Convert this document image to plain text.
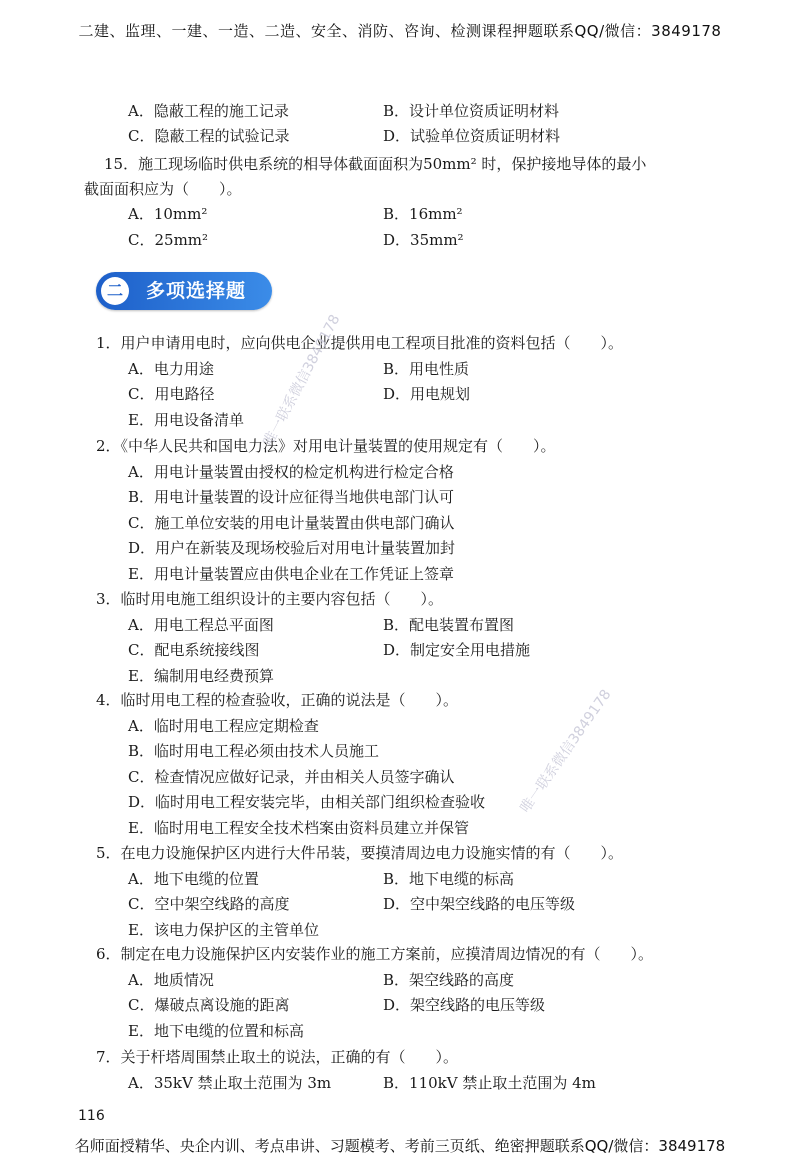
二建、监理、一建、一造、二造、安全、消防、咨询、检测课程押题联系QQ/微信：3849178
A．隐蔽工程的施工记录	B．设计单位资质证明材料
C．隐蔽工程的试验记录	D．试验单位资质证明材料
15．施工现场临时供电系统的相导体截面面积为50mm² 时，保护接地导体的最小
截面面积应为（　　）。
A．10mm²	B．16mm²
C．25mm²	D．35mm²
二	多项选择题
1．用户申请用电时，应向供电企业提供用电工程项目批准的资料包括（　　）。
A．电力用途	B．用电性质
C．用电路径	D．用电规划
E．用电设备清单
2．《中华人民共和国电力法》对用电计量装置的使用规定有（　　）。
A．用电计量装置由授权的检定机构进行检定合格
B．用电计量装置的设计应征得当地供电部门认可
C．施工单位安装的用电计量装置由供电部门确认
D．用户在新装及现场校验后对用电计量装置加封
E．用电计量装置应由供电企业在工作凭证上签章
3．临时用电施工组织设计的主要内容包括（　　）。
A．用电工程总平面图	B．配电装置布置图
C．配电系统接线图	D．制定安全用电措施
E．编制用电经费预算
4．临时用电工程的检查验收，正确的说法是（　　）。
A．临时用电工程应定期检查
B．临时用电工程必须由技术人员施工
C．检查情况应做好记录，并由相关人员签字确认
D．临时用电工程安装完毕，由相关部门组织检查验收
E．临时用电工程安全技术档案由资料员建立并保管
5．在电力设施保护区内进行大件吊装，要摸清周边电力设施实情的有（　　）。
A．地下电缆的位置	B．地下电缆的标高
C．空中架空线路的高度	D．空中架空线路的电压等级
E．该电力保护区的主管单位
6．制定在电力设施保护区内安装作业的施工方案前，应摸清周边情况的有（　　）。
A．地质情况	B．架空线路的高度
C．爆破点离设施的距离	D．架空线路的电压等级
E．地下电缆的位置和标高
7．关于杆塔周围禁止取土的说法，正确的有（　　）。
A．35kV 禁止取土范围为 3m	B．110kV 禁止取土范围为 4m
唯一联系微信3849178
唯一联系微信3849178
116
名师面授精华、央企内训、考点串讲、习题模考、考前三页纸、绝密押题联系QQ/微信：3849178
